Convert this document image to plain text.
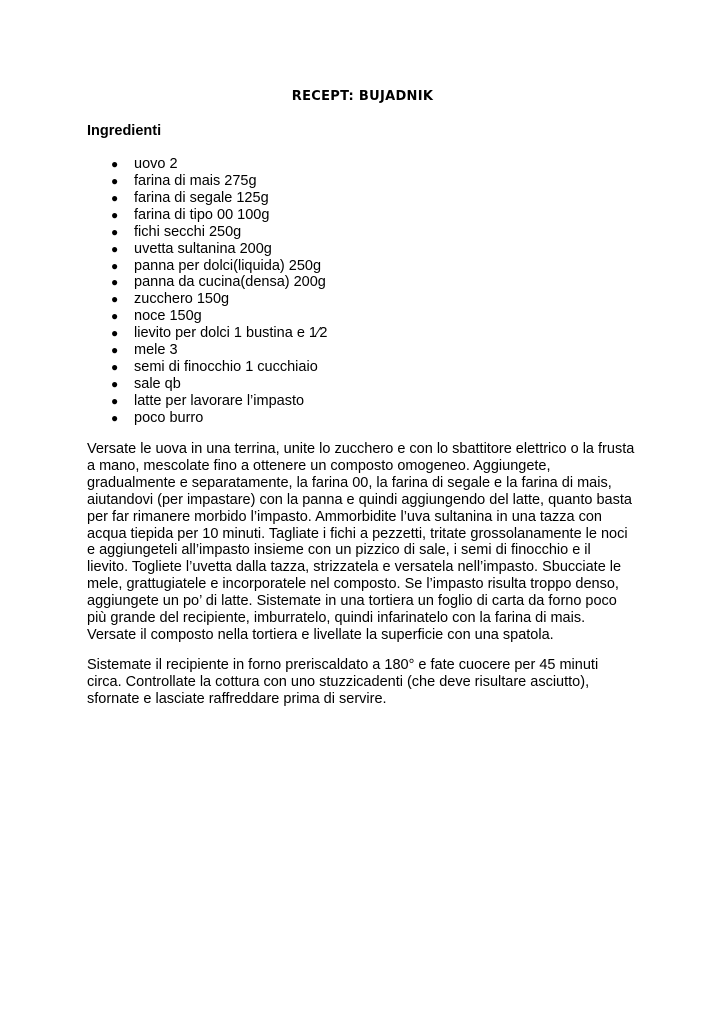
RECEPT: BUJADNIK
Ingredienti
● uovo 2
● farina di mais 275g
● farina di segale 125g
● farina di tipo 00 100g
● fichi secchi 250g
● uvetta sultanina 200g
● panna per dolci(liquida) 250g
● panna da cucina(densa) 200g
● zucchero 150g
● noce 150g
● lievito per dolci 1 bustina e 1⁄2
● mele 3
● semi di finocchio 1 cucchiaio
● sale qb
● latte per lavorare l’impasto
● poco burro
Versate le uova in una terrina, unite lo zucchero e con lo sbattitore elettrico o la frusta
a mano, mescolate fino a ottenere un composto omogeneo. Aggiungete,
gradualmente e separatamente, la farina 00, la farina di segale e la farina di mais,
aiutandovi (per impastare) con la panna e quindi aggiungendo del latte, quanto basta
per far rimanere morbido l’impasto. Ammorbidite l’uva sultanina in una tazza con
acqua tiepida per 10 minuti. Tagliate i fichi a pezzetti, tritate grossolanamente le noci
e aggiungeteli all’impasto insieme con un pizzico di sale, i semi di finocchio e il
lievito. Togliete l’uvetta dalla tazza, strizzatela e versatela nell’impasto. Sbucciate le
mele, grattugiatele e incorporatele nel composto. Se l’impasto risulta troppo denso,
aggiungete un po’ di latte. Sistemate in una tortiera un foglio di carta da forno poco
più grande del recipiente, imburratelo, quindi infarinatelo con la farina di mais.
Versate il composto nella tortiera e livellate la superficie con una spatola.
Sistemate il recipiente in forno preriscaldato a 180° e fate cuocere per 45 minuti
circa. Controllate la cottura con uno stuzzicadenti (che deve risultare asciutto),
sfornate e lasciate raffreddare prima di servire.
